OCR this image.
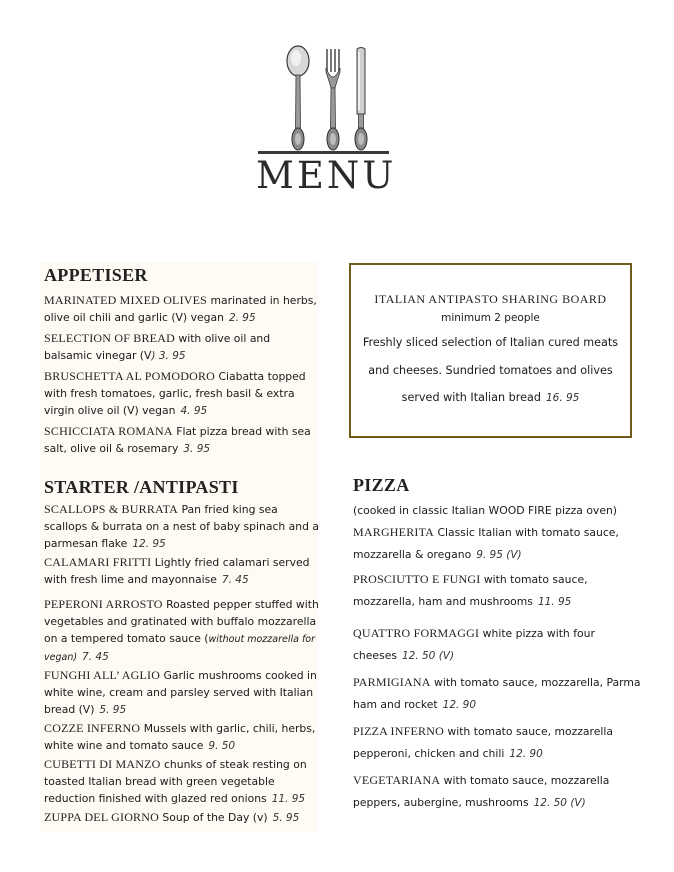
MENU
APPETISER

MARINATED MIXED OLIVES marinated in herbs, olive oil chili and garlic (V) vegan 2. 95

SELECTION OF BREAD with olive oil and balsamic vinegar (V) 3. 95

BRUSCHETTA AL POMODORO Ciabatta topped with fresh tomatoes, garlic, fresh basil & extra virgin olive oil (V) vegan 4. 95

SCHICCIATA ROMANA Flat pizza bread with sea salt, olive oil & rosemary 3. 95

STARTER /ANTIPASTI

SCALLOPS & BURRATA Pan fried king sea scallops & burrata on a nest of baby spinach and a parmesan flake 12. 95

CALAMARI FRITTI Lightly fried calamari served with fresh lime and mayonnaise 7. 45

PEPERONI ARROSTO Roasted pepper stuffed with vegetables and gratinated with buffalo mozzarella on a tempered tomato sauce (without mozzarella for vegan) 7. 45

FUNGHI ALL’ AGLIO Garlic mushrooms cooked in white wine, cream and parsley served with Italian bread (V) 5. 95

COZZE INFERNO Mussels with garlic, chili, herbs, white wine and tomato sauce 9. 50

CUBETTI DI MANZO chunks of steak resting on toasted Italian bread with green vegetable reduction finished with glazed red onions 11. 95

ZUPPA DEL GIORNO Soup of the Day (v) 5. 95

ITALIAN ANTIPASTO SHARING BOARD
minimum 2 people
Freshly sliced selection of Italian cured meats
and cheeses. Sundried tomatoes and olives
served with Italian bread 16. 95
PIZZA
(cooked in classic Italian WOOD FIRE pizza oven)

MARGHERITA Classic Italian with tomato sauce, mozzarella & oregano 9. 95 (V)

PROSCIUTTO E FUNGI with tomato sauce, mozzarella, ham and mushrooms 11. 95

QUATTRO FORMAGGI white pizza with four cheeses 12. 50 (V)

PARMIGIANA with tomato sauce, mozzarella, Parma ham and rocket 12. 90

PIZZA INFERNO with tomato sauce, mozzarella pepperoni, chicken and chili 12. 90

VEGETARIANA with tomato sauce, mozzarella peppers, aubergine, mushrooms 12. 50 (V)
